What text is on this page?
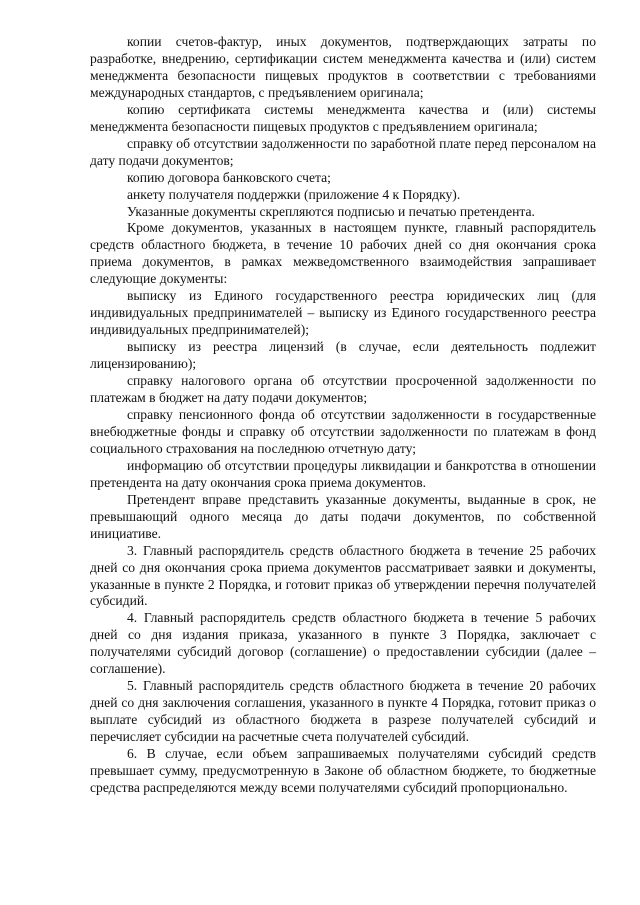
копии счетов-фактур, иных документов, подтверждающих затраты по разработке, внедрению, сертификации систем менеджмента качества и (или) систем менеджмента безопасности пищевых продуктов в соответствии с требованиями международных стандартов, с предъявлением оригинала;

копию сертификата системы менеджмента качества и (или) системы менеджмента безопасности пищевых продуктов с предъявлением оригинала;

справку об отсутствии задолженности по заработной плате перед персоналом на дату подачи документов;

копию договора банковского счета;

анкету получателя поддержки (приложение 4 к Порядку).

Указанные документы скрепляются подписью и печатью претендента.

Кроме документов, указанных в настоящем пункте, главный распорядитель средств областного бюджета, в течение 10 рабочих дней со дня окончания срока приема документов, в рамках межведомственного взаимодействия запрашивает следующие документы:

выписку из Единого государственного реестра юридических лиц (для индивидуальных предпринимателей – выписку из Единого государственного реестра индивидуальных предпринимателей);

выписку из реестра лицензий (в случае, если деятельность подлежит лицензированию);

справку налогового органа об отсутствии просроченной задолженности по платежам в бюджет на дату подачи документов;

справку пенсионного фонда об отсутствии задолженности в государственные внебюджетные фонды и справку об отсутствии задолженности по платежам в фонд социального страхования на последнюю отчетную дату;

информацию об отсутствии процедуры ликвидации и банкротства в отношении претендента на дату окончания срока приема документов.

Претендент вправе представить указанные документы, выданные в срок, не превышающий одного месяца до даты подачи документов, по собственной инициативе.

3. Главный распорядитель средств областного бюджета в течение 25 рабочих дней со дня окончания срока приема документов рассматривает заявки и документы, указанные в пункте 2 Порядка, и готовит приказ об утверждении перечня получателей субсидий.

4. Главный распорядитель средств областного бюджета в течение 5 рабочих дней со дня издания приказа, указанного в пункте 3 Порядка, заключает с получателями субсидий договор (соглашение) о предоставлении субсидии (далее – соглашение).

5. Главный распорядитель средств областного бюджета в течение 20 рабочих дней со дня заключения соглашения, указанного в пункте 4 Порядка, готовит приказ о выплате субсидий из областного бюджета в разрезе получателей субсидий и перечисляет субсидии на расчетные счета получателей субсидий.

6. В случае, если объем запрашиваемых получателями субсидий средств превышает сумму, предусмотренную в Законе об областном бюджете, то бюджетные средства распределяются между всеми получателями субсидий пропорционально.
